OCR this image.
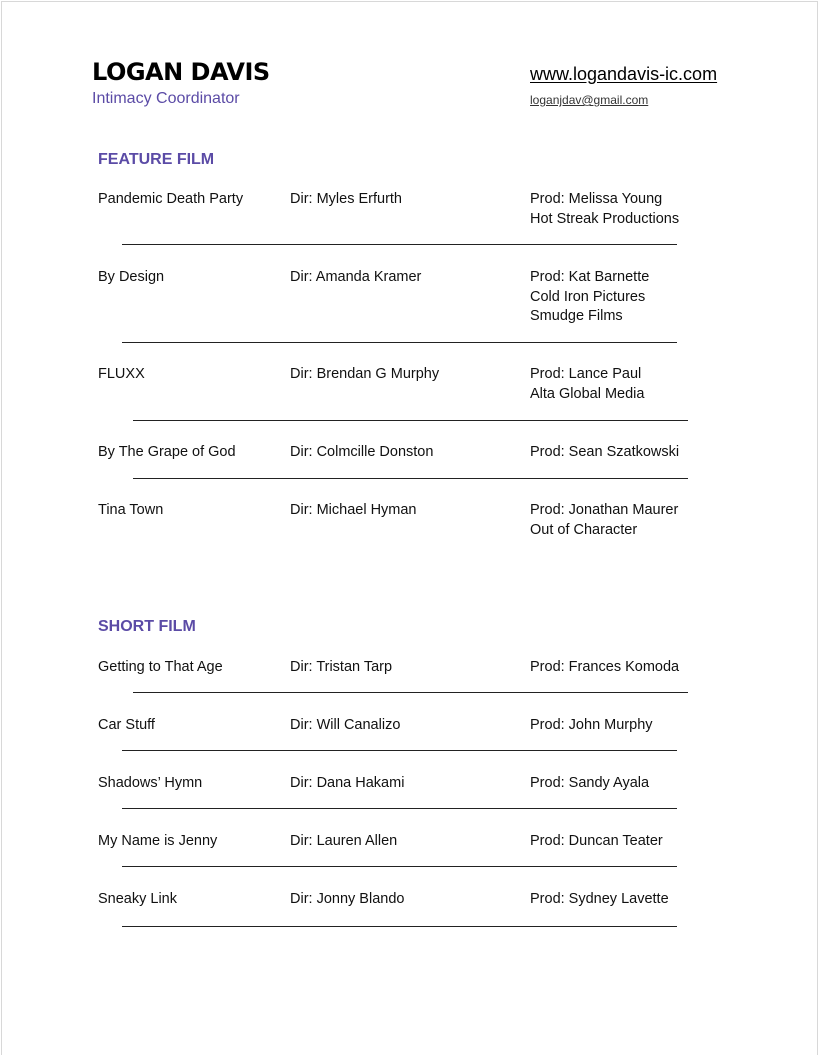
LOGAN DAVIS
Intimacy Coordinator
www.logandavis-ic.com
loganjdav@gmail.com
FEATURE FILM
Pandemic Death Party	Dir: Myles Erfurth	Prod: Melissa Young
Hot Streak Productions
By Design	Dir: Amanda Kramer	Prod: Kat Barnette
Cold Iron Pictures
Smudge Films
FLUXX	Dir: Brendan G Murphy	Prod: Lance Paul
Alta Global Media
By The Grape of God	Dir: Colmcille Donston	Prod: Sean Szatkowski
Tina Town	Dir: Michael Hyman	Prod: Jonathan Maurer
Out of Character
SHORT FILM
Getting to That Age	Dir: Tristan Tarp	Prod: Frances Komoda
Car Stuff	Dir: Will Canalizo	Prod: John Murphy
Shadows’ Hymn	Dir: Dana Hakami	Prod: Sandy Ayala
My Name is Jenny	Dir: Lauren Allen	Prod: Duncan Teater
Sneaky Link	Dir: Jonny Blando	Prod: Sydney Lavette
